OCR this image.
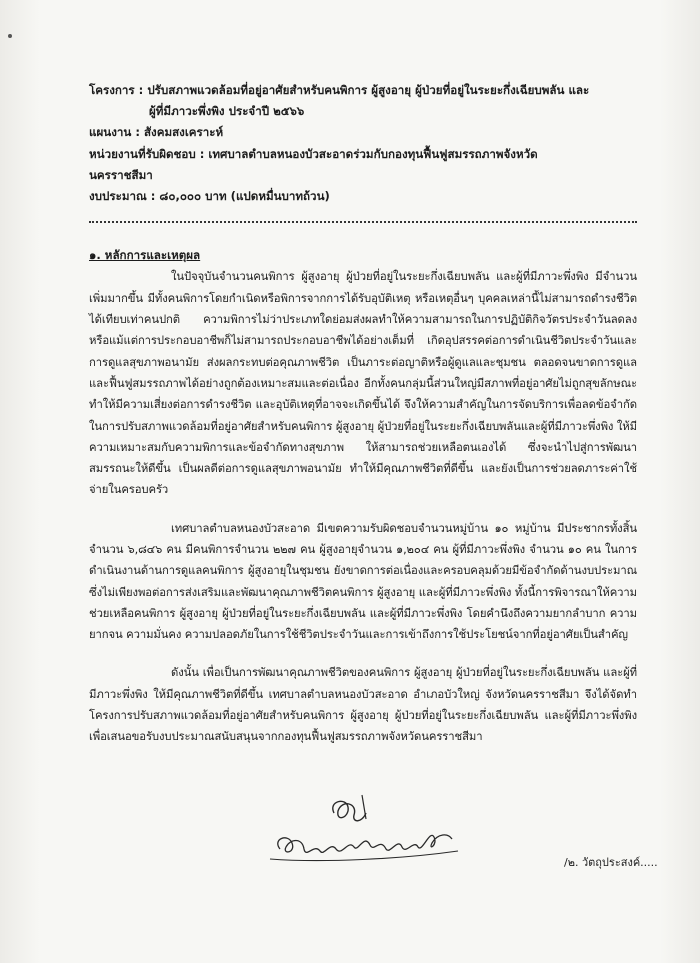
โครงการ : ปรับสภาพแวดล้อมที่อยู่อาศัยสำหรับคนพิการ ผู้สูงอายุ ผู้ป่วยที่อยู่ในระยะกึ่งเฉียบพลัน และ
ผู้ที่มีภาวะพึ่งพิง ประจำปี ๒๕๖๖
แผนงาน : สังคมสงเคราะห์
หน่วยงานที่รับผิดชอบ : เทศบาลตำบลหนองบัวสะอาดร่วมกับกองทุนฟื้นฟูสมรรถภาพจังหวัด
นครราชสีมา
งบประมาณ : ๘๐,๐๐๐ บาท (แปดหมื่นบาทถ้วน)
๑. หลักการและเหตุผล

ในปัจจุบันจำนวนคนพิการ ผู้สูงอายุ ผู้ป่วยที่อยู่ในระยะกึ่งเฉียบพลัน และผู้ที่มีภาวะพึ่งพิง มีจำนวนเพิ่มมากขึ้น มีทั้งคนพิการโดยกำเนิดหรือพิการจากการได้รับอุบัติเหตุ หรือเหตุอื่นๆ บุคคลเหล่านี้ไม่สามารถดำรงชีวิตได้เทียบเท่าคนปกติ ความพิการไม่ว่าประเภทใดย่อมส่งผลทำให้ความสามารถในการปฏิบัติกิจวัตรประจำวันลดลง หรือแม้แต่การประกอบอาชีพก็ไม่สามารถประกอบอาชีพได้อย่างเต็มที่ เกิดอุปสรรคต่อการดำเนินชีวิตประจำวันและการดูแลสุขภาพอนามัย ส่งผลกระทบต่อคุณภาพชีวิต เป็นภาระต่อญาติหรือผู้ดูแลและชุมชน ตลอดจนขาดการดูแลและฟื้นฟูสมรรถภาพได้อย่างถูกต้องเหมาะสมและต่อเนื่อง อีกทั้งคนกลุ่มนี้ส่วนใหญ่มีสภาพที่อยู่อาศัยไม่ถูกสุขลักษณะ ทำให้มีความเสี่ยงต่อการดำรงชีวิต และอุบัติเหตุที่อาจจะเกิดขึ้นได้ จึงให้ความสำคัญในการจัดบริการเพื่อลดข้อจำกัดในการปรับสภาพแวดล้อมที่อยู่อาศัยสำหรับคนพิการ ผู้สูงอายุ ผู้ป่วยที่อยู่ในระยะกึ่งเฉียบพลันและผู้ที่มีภาวะพึ่งพิง ให้มีความเหมาะสมกับความพิการและข้อจำกัดทางสุขภาพ ให้สามารถช่วยเหลือตนเองได้ ซึ่งจะนำไปสู่การพัฒนาสมรรถนะให้ดีขึ้น เป็นผลดีต่อการดูแลสุขภาพอนามัย ทำให้มีคุณภาพชีวิตที่ดีขึ้น และยังเป็นการช่วยลดภาระค่าใช้จ่ายในครอบครัว

เทศบาลตำบลหนองบัวสะอาด มีเขตความรับผิดชอบจำนวนหมู่บ้าน ๑๐ หมู่บ้าน มีประชากรทั้งสิ้นจำนวน ๖,๘๔๖ คน มีคนพิการจำนวน ๒๒๗ คน ผู้สูงอายุจำนวน ๑,๒๐๔ คน ผู้ที่มีภาวะพึ่งพิง จำนวน ๑๐ คน ในการดำเนินงานด้านการดูแลคนพิการ ผู้สูงอายุในชุมชน ยังขาดการต่อเนื่องและครอบคลุมด้วยมีข้อจำกัดด้านงบประมาณซึ่งไม่เพียงพอต่อการส่งเสริมและพัฒนาคุณภาพชีวิตคนพิการ ผู้สูงอายุ และผู้ที่มีภาวะพึ่งพิง ทั้งนี้การพิจารณาให้ความช่วยเหลือคนพิการ ผู้สูงอายุ ผู้ป่วยที่อยู่ในระยะกึ่งเฉียบพลัน และผู้ที่มีภาวะพึ่งพิง โดยคำนึงถึงความยากลำบาก ความยากจน ความมั่นคง ความปลอดภัยในการใช้ชีวิตประจำวันและการเข้าถึงการใช้ประโยชน์จากที่อยู่อาศัยเป็นสำคัญ

ดังนั้น เพื่อเป็นการพัฒนาคุณภาพชีวิตของคนพิการ ผู้สูงอายุ ผู้ป่วยที่อยู่ในระยะกึ่งเฉียบพลัน และผู้ที่มีภาวะพึ่งพิง ให้มีคุณภาพชีวิตที่ดีขึ้น เทศบาลตำบลหนองบัวสะอาด อำเภอบัวใหญ่ จังหวัดนครราชสีมา จึงได้จัดทำโครงการปรับสภาพแวดล้อมที่อยู่อาศัยสำหรับคนพิการ ผู้สูงอายุ ผู้ป่วยที่อยู่ในระยะกึ่งเฉียบพลัน และผู้ที่มีภาวะพึ่งพิง เพื่อเสนอขอรับงบประมาณสนับสนุนจากกองทุนฟื้นฟูสมรรถภาพจังหวัดนครราชสีมา

/๒. วัตถุประสงค์.....
